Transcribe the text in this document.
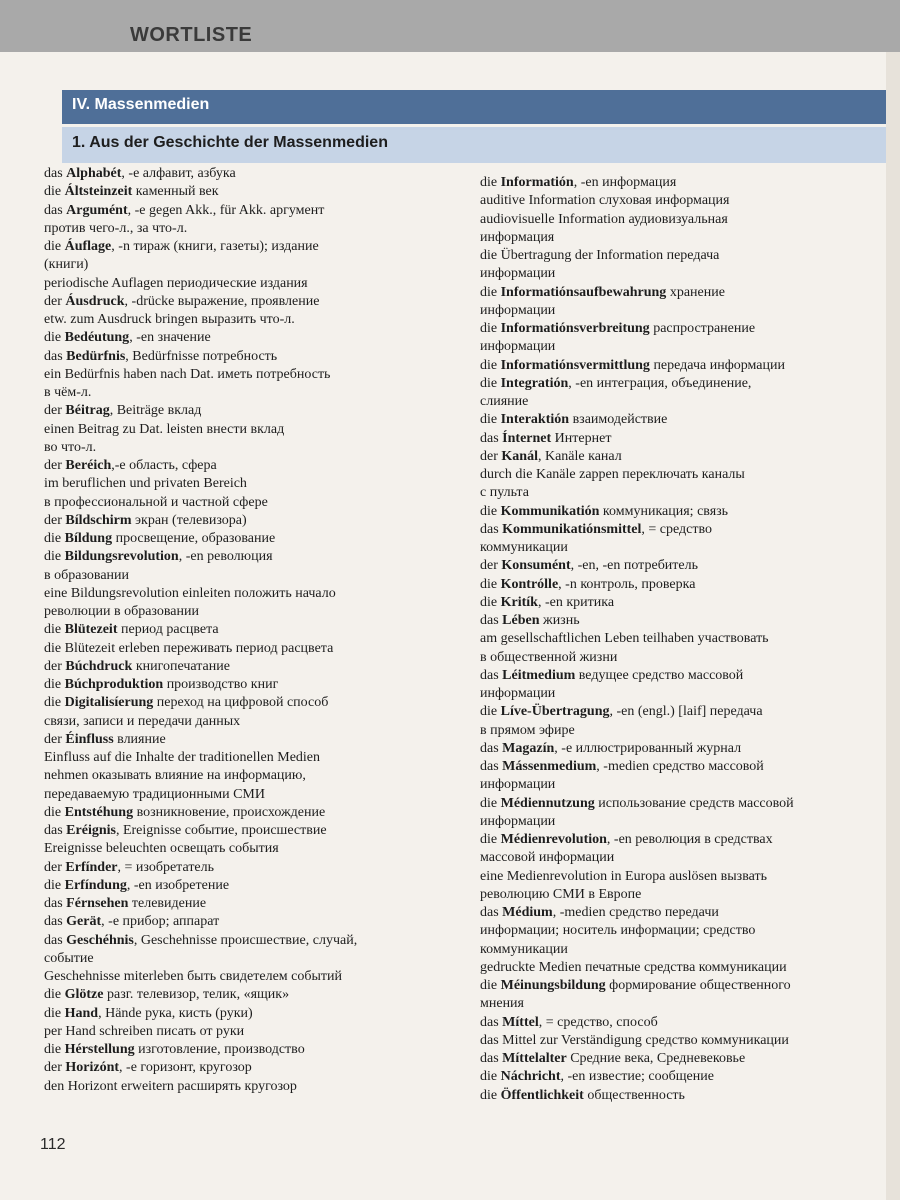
WORTLISTE
IV. Massenmedien
1. Aus der Geschichte der Massenmedien
das Alphabét, -e алфавит, азбука
die Áltsteinzeit каменный век
das Argumént, -e gegen Akk., für Akk. аргумент
против чего-л., за что-л.
die Áuflage, -n тираж (книги, газеты); издание
(книги)
periodische Auflagen периодические издания
der Áusdruck, -drücke выражение, проявление
etw. zum Ausdruck bringen выразить что-л.
die Bedéutung, -en значение
das Bedürfnis, Bedürfnisse потребность
ein Bedürfnis haben nach Dat. иметь потребность
в чём-л.
der Béitrag, Beiträge вклад
einen Beitrag zu Dat. leisten внести вклад
во что-л.
der Beréich,-e область, сфера
im beruflichen und privaten Bereich
в профессиональной и частной сфере
der Bíldschirm экран (телевизора)
die Bíldung просвещение, образование
die Bildungsrevolution, -en революция
в образовании
eine Bildungsrevolution einleiten положить начало
революции в образовании
die Blütezeit период расцвета
die Blütezeit erleben переживать период расцвета
der Búchdruck книгопечатание
die Búchproduktion производство книг
die Digitalisíerung переход на цифровой способ
связи, записи и передачи данных
der Éinfluss влияние
Einfluss auf die Inhalte der traditionellen Medien
nehmen оказывать влияние на информацию,
передаваемую традиционными СМИ
die Entstéhung возникновение, происхождение
das Eréignis, Ereignisse событие, происшествие
Ereignisse beleuchten освещать события
der Erfínder, = изобретатель
die Erfíndung, -en изобретение
das Férnsehen телевидение
das Gerät, -e прибор; аппарат
das Geschéhnis, Geschehnisse происшествие, случай,
событие
Geschehnisse miterleben быть свидетелем событий
die Glötze разг. телевизор, телик, «ящик»
die Hand, Hände рука, кисть (руки)
per Hand schreiben писать от руки
die Hérstellung изготовление, производство
der Horizónt, -e горизонт, кругозор
den Horizont erweitern расширять кругозор
die Informatión, -en информация
auditive Information слуховая информация
audiovisuelle Information аудиовизуальная
информация
die Übertragung der Information передача
информации
die Informatiónsaufbewahrung хранение
информации
die Informatiónsverbreitung распространение
информации
die Informatiónsvermittlung передача информации
die Integratión, -en интеграция, объединение,
слияние
die Interaktión взаимодействие
das Ínternet Интернет
der Kanál, Kanäle канал
durch die Kanäle zappen переключать каналы
с пульта
die Kommunikatión коммуникация; связь
das Kommunikatiónsmittel, = средство
коммуникации
der Konsumént, -en, -en потребитель
die Kontrólle, -n контроль, проверка
die Kritík, -en критика
das Lében жизнь
am gesellschaftlichen Leben teilhaben участвовать
в общественной жизни
das Léitmedium ведущее средство массовой
информации
die Líve-Übertragung, -en (engl.) [laif] передача
в прямом эфире
das Magazín, -e иллюстрированный журнал
das Mássenmedium, -medien средство массовой
информации
die Médiennutzung использование средств массовой
информации
die Médienrevolution, -en революция в средствах
массовой информации
eine Medienrevolution in Europa auslösen вызвать
революцию СМИ в Европе
das Médium, -medien средство передачи
информации; носитель информации; средство
коммуникации
gedruckte Medien печатные средства коммуникации
die Méinungsbildung формирование общественного
мнения
das Míttel, = средство, способ
das Mittel zur Verständigung средство коммуникации
das Míttelalter Средние века, Средневековье
die Náchricht, -en известие; сообщение
die Öffentlichkeit общественность
112
